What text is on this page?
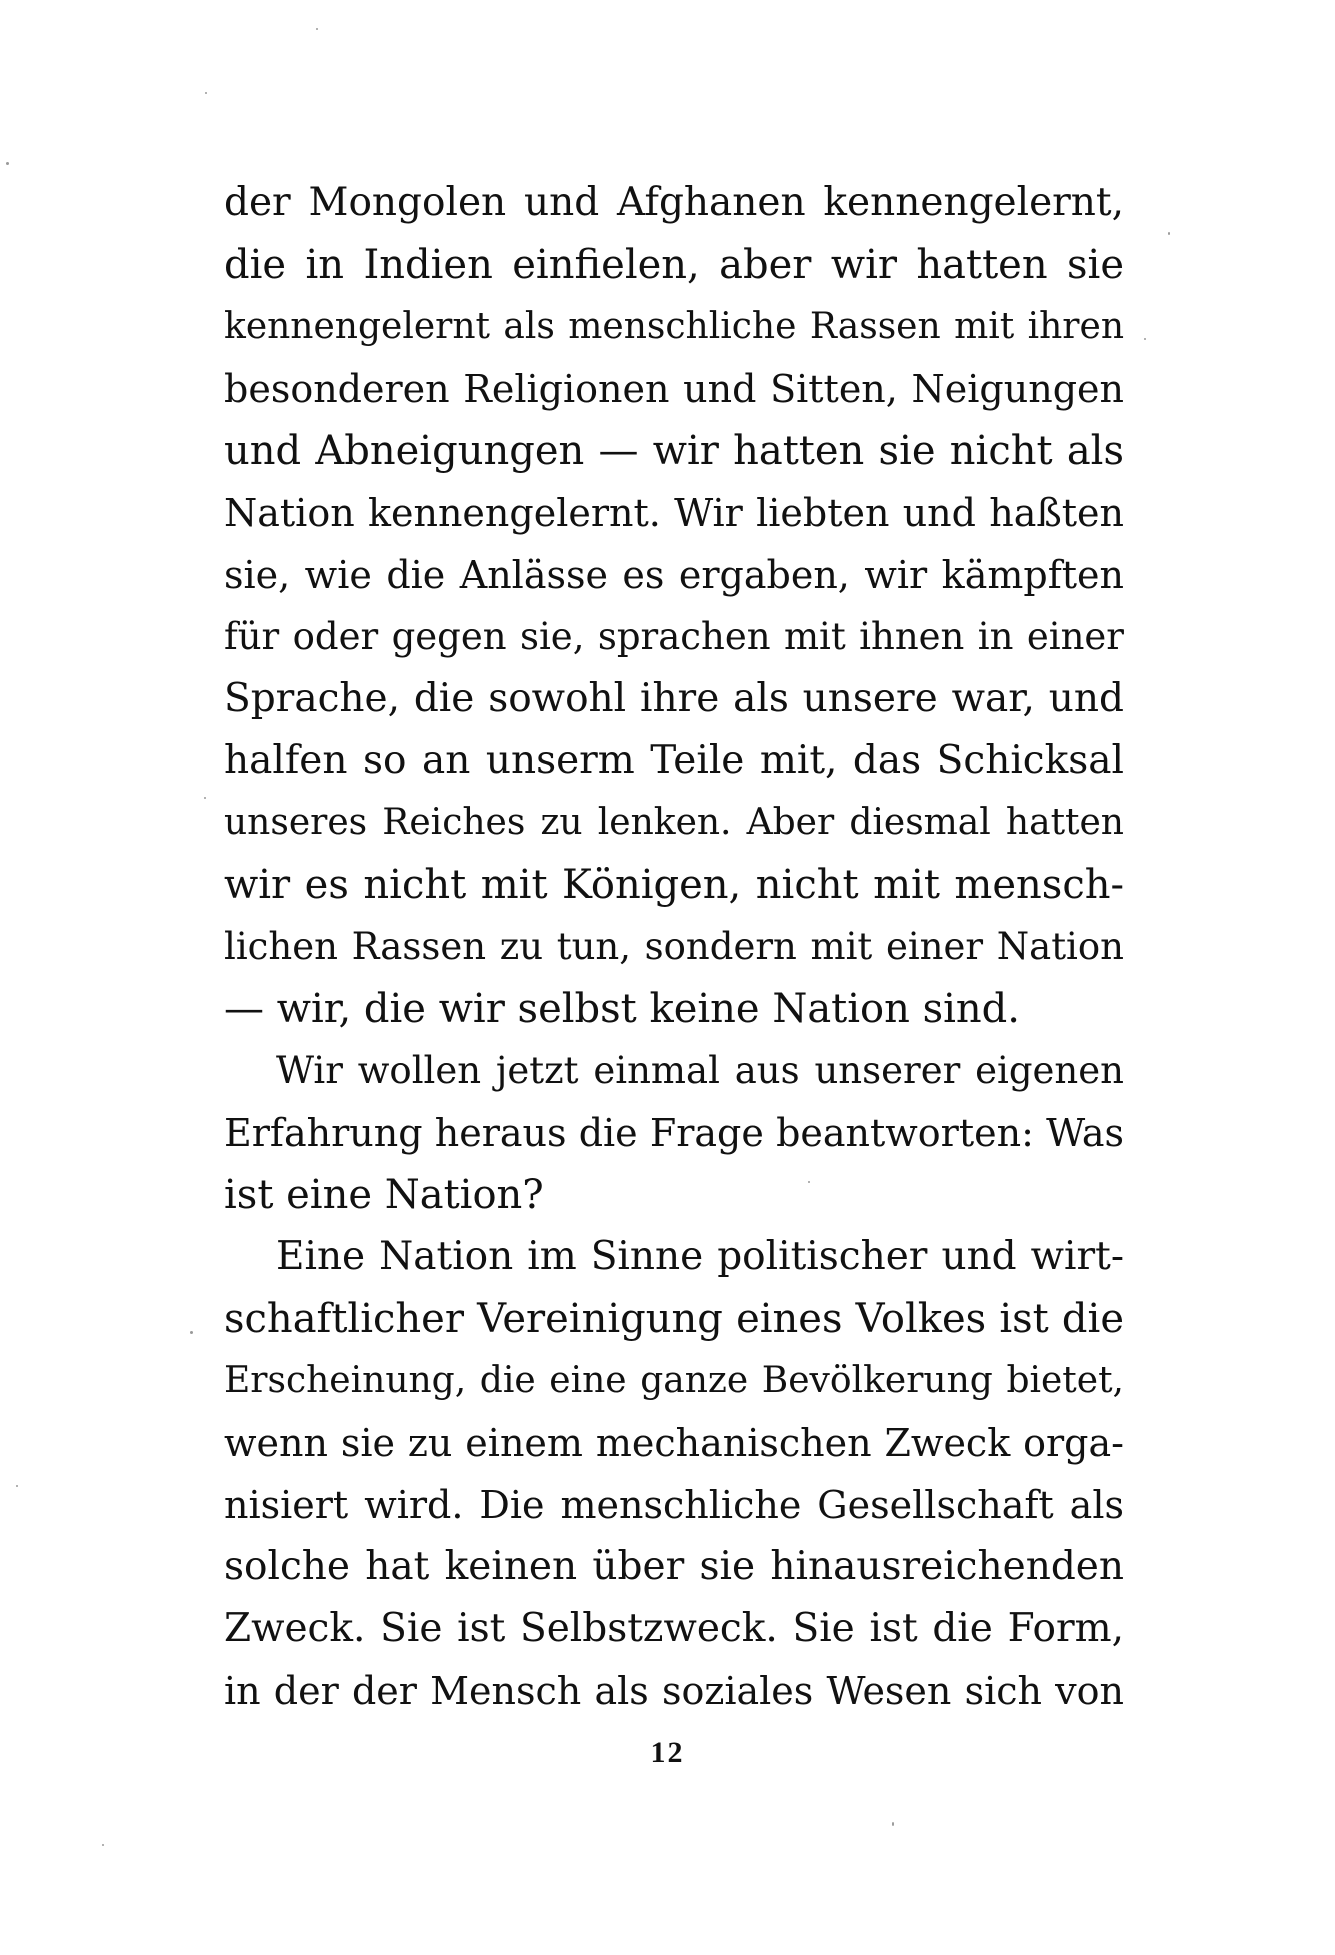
der Mongolen und Afghanen kennengelernt,
die in Indien einfielen, aber wir hatten sie
kennengelernt als menschliche Rassen mit ihren
besonderen Religionen und Sitten, Neigungen
und Abneigungen — wir hatten sie nicht als
Nation kennengelernt. Wir liebten und haßten
sie, wie die Anlässe es ergaben, wir kämpften
für oder gegen sie, sprachen mit ihnen in einer
Sprache, die sowohl ihre als unsere war, und
halfen so an unserm Teile mit, das Schicksal
unseres Reiches zu lenken. Aber diesmal hatten
wir es nicht mit Königen, nicht mit mensch-
lichen Rassen zu tun, sondern mit einer Nation
— wir, die wir selbst keine Nation sind.
Wir wollen jetzt einmal aus unserer eigenen
Erfahrung heraus die Frage beantworten: Was
ist eine Nation?
Eine Nation im Sinne politischer und wirt-
schaftlicher Vereinigung eines Volkes ist die
Erscheinung, die eine ganze Bevölkerung bietet,
wenn sie zu einem mechanischen Zweck orga-
nisiert wird. Die menschliche Gesellschaft als
solche hat keinen über sie hinausreichenden
Zweck. Sie ist Selbstzweck. Sie ist die Form,
in der der Mensch als soziales Wesen sich von
12
